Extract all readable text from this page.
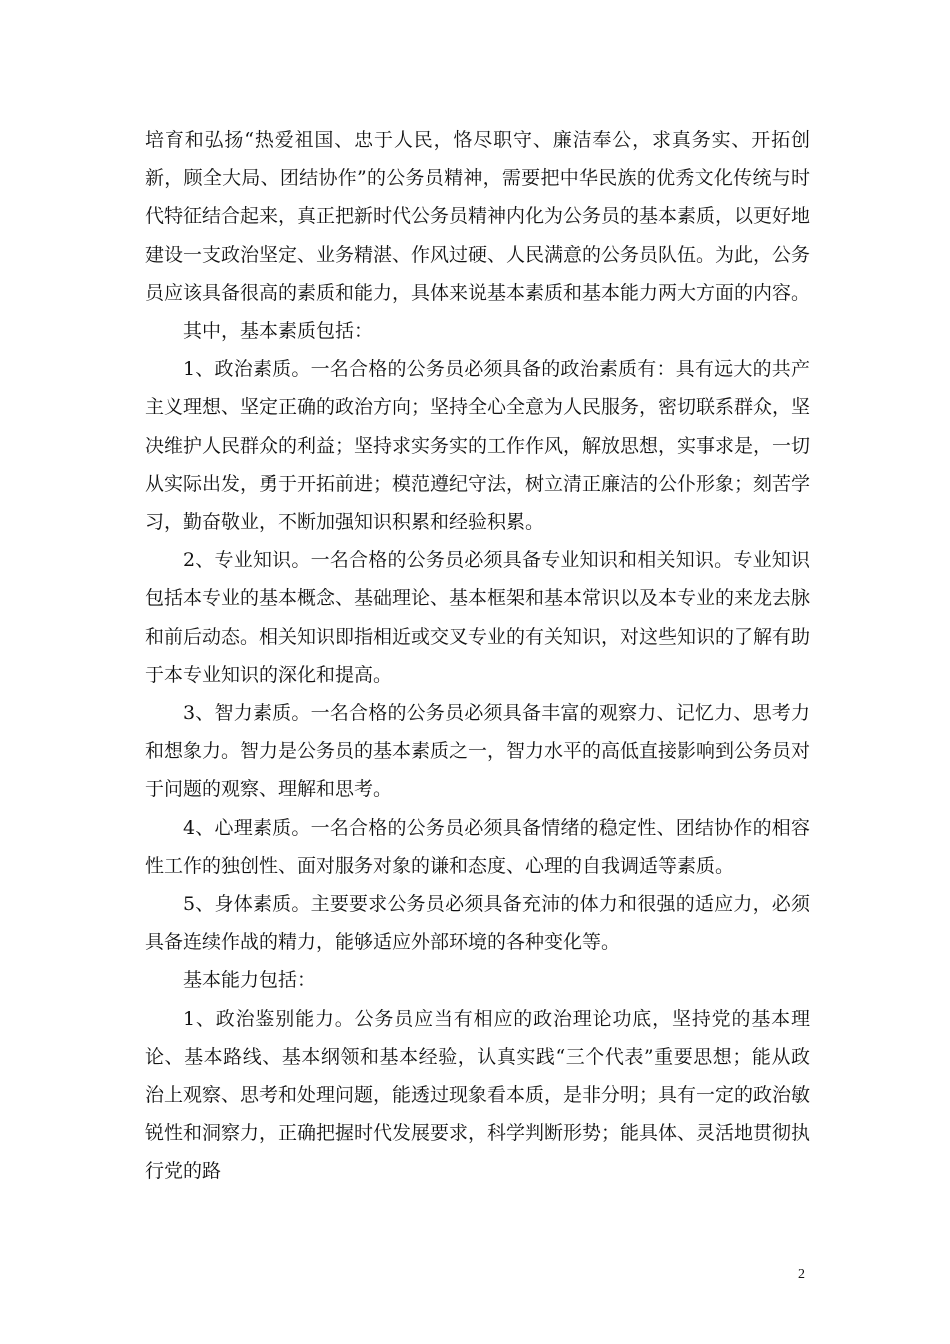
培育和弘扬“热爱祖国、忠于人民，恪尽职守、廉洁奉公，求真务实、开拓创新，顾全大局、团结协作”的公务员精神，需要把中华民族的优秀文化传统与时代特征结合起来，真正把新时代公务员精神内化为公务员的基本素质，以更好地建设一支政治坚定、业务精湛、作风过硬、人民满意的公务员队伍。为此，公务员应该具备很高的素质和能力，具体来说基本素质和基本能力两大方面的内容。

其中，基本素质包括：

1、政治素质。一名合格的公务员必须具备的政治素质有：具有远大的共产主义理想、坚定正确的政治方向；坚持全心全意为人民服务，密切联系群众，坚决维护人民群众的利益；坚持求实务实的工作作风，解放思想，实事求是，一切从实际出发，勇于开拓前进；模范遵纪守法，树立清正廉洁的公仆形象；刻苦学习，勤奋敬业，不断加强知识积累和经验积累。

2、专业知识。一名合格的公务员必须具备专业知识和相关知识。专业知识包括本专业的基本概念、基础理论、基本框架和基本常识以及本专业的来龙去脉和前后动态。相关知识即指相近或交叉专业的有关知识，对这些知识的了解有助于本专业知识的深化和提高。

3、智力素质。一名合格的公务员必须具备丰富的观察力、记忆力、思考力和想象力。智力是公务员的基本素质之一，智力水平的高低直接影响到公务员对于问题的观察、理解和思考。

4、心理素质。一名合格的公务员必须具备情绪的稳定性、团结协作的相容性工作的独创性、面对服务对象的谦和态度、心理的自我调适等素质。

5、身体素质。主要要求公务员必须具备充沛的体力和很强的适应力，必须具备连续作战的精力，能够适应外部环境的各种变化等。

基本能力包括：

1、政治鉴别能力。公务员应当有相应的政治理论功底，坚持党的基本理论、基本路线、基本纲领和基本经验，认真实践“三个代表”重要思想；能从政治上观察、思考和处理问题，能透过现象看本质，是非分明；具有一定的政治敏锐性和洞察力，正确把握时代发展要求，科学判断形势；能具体、灵活地贯彻执行党的路

2
